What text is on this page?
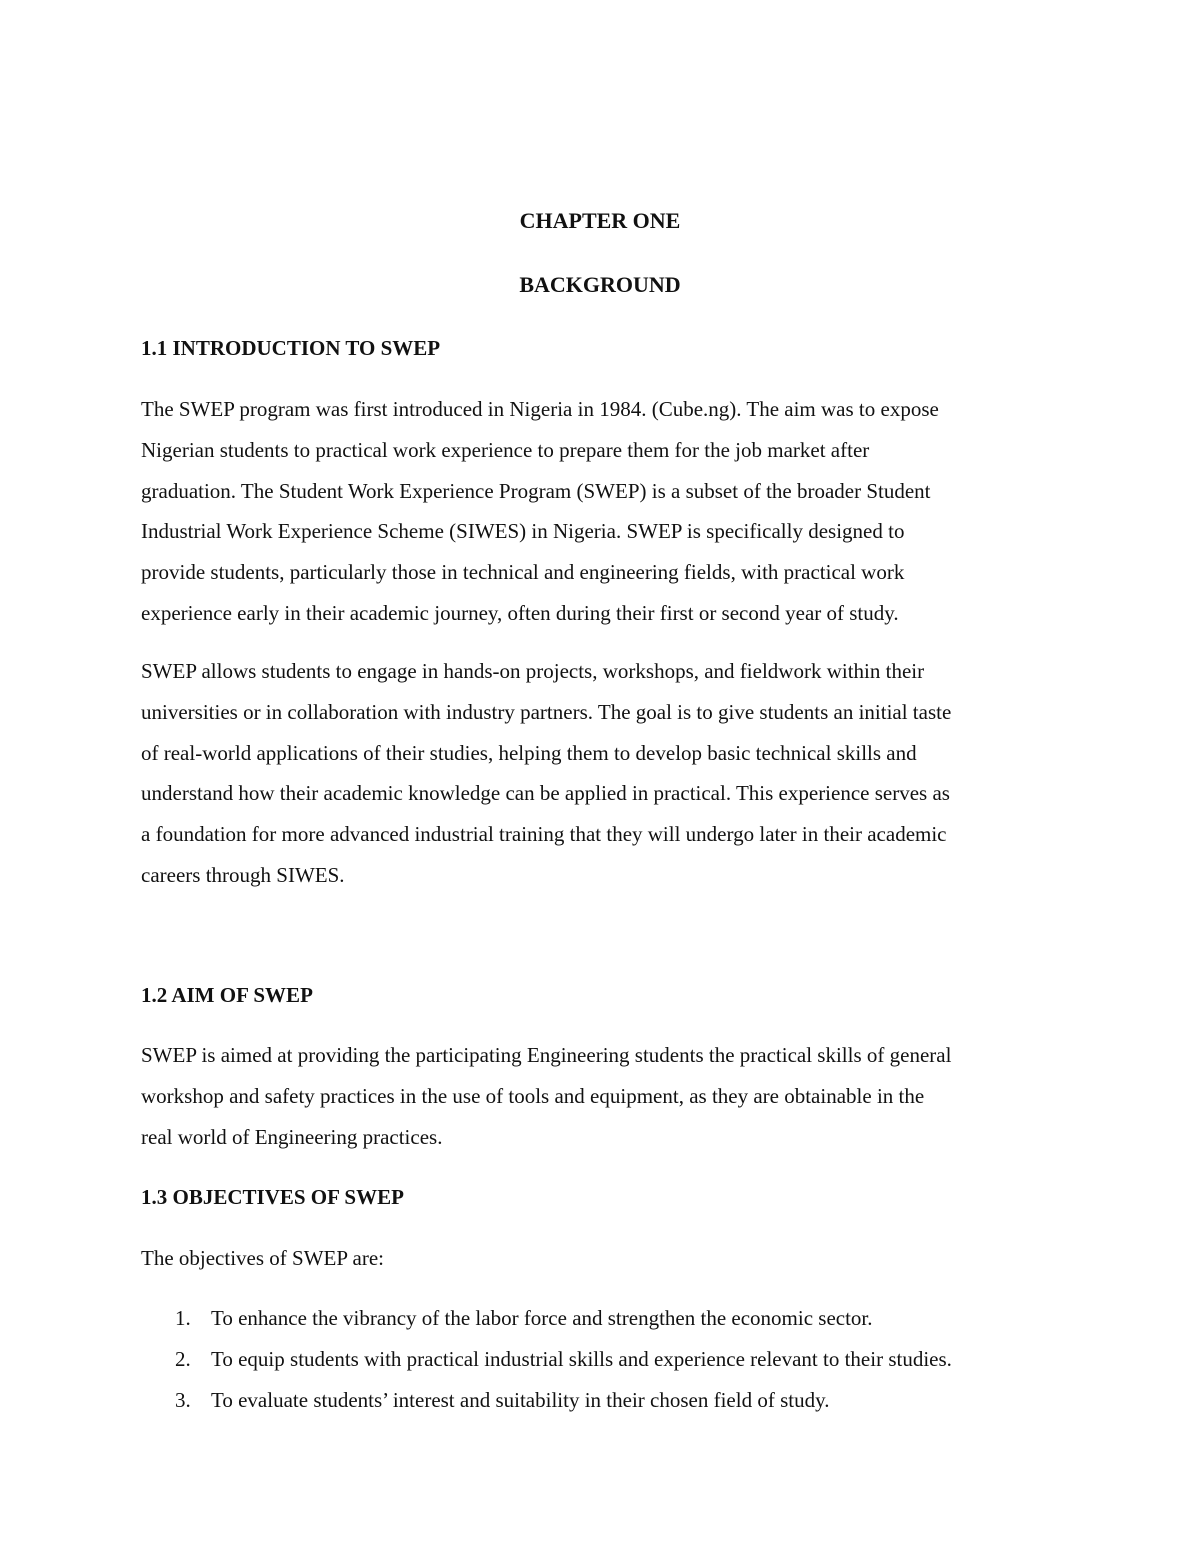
CHAPTER ONE
BACKGROUND
1.1 INTRODUCTION TO SWEP

The SWEP program was first introduced in Nigeria in 1984. (Cube.ng). The aim was to expose
Nigerian students to practical work experience to prepare them for the job market after
graduation. The Student Work Experience Program (SWEP) is a subset of the broader Student
Industrial Work Experience Scheme (SIWES) in Nigeria. SWEP is specifically designed to
provide students, particularly those in technical and engineering fields, with practical work
experience early in their academic journey, often during their first or second year of study.

SWEP allows students to engage in hands-on projects, workshops, and fieldwork within their
universities or in collaboration with industry partners. The goal is to give students an initial taste
of real-world applications of their studies, helping them to develop basic technical skills and
understand how their academic knowledge can be applied in practical. This experience serves as
a foundation for more advanced industrial training that they will undergo later in their academic
careers through SIWES.

1.2 AIM OF SWEP

SWEP is aimed at providing the participating Engineering students the practical skills of general
workshop and safety practices in the use of tools and equipment, as they are obtainable in the
real world of Engineering practices.

1.3 OBJECTIVES OF SWEP

The objectives of SWEP are:

1. To enhance the vibrancy of the labor force and strengthen the economic sector.
2. To equip students with practical industrial skills and experience relevant to their studies.
3. To evaluate students’ interest and suitability in their chosen field of study.
